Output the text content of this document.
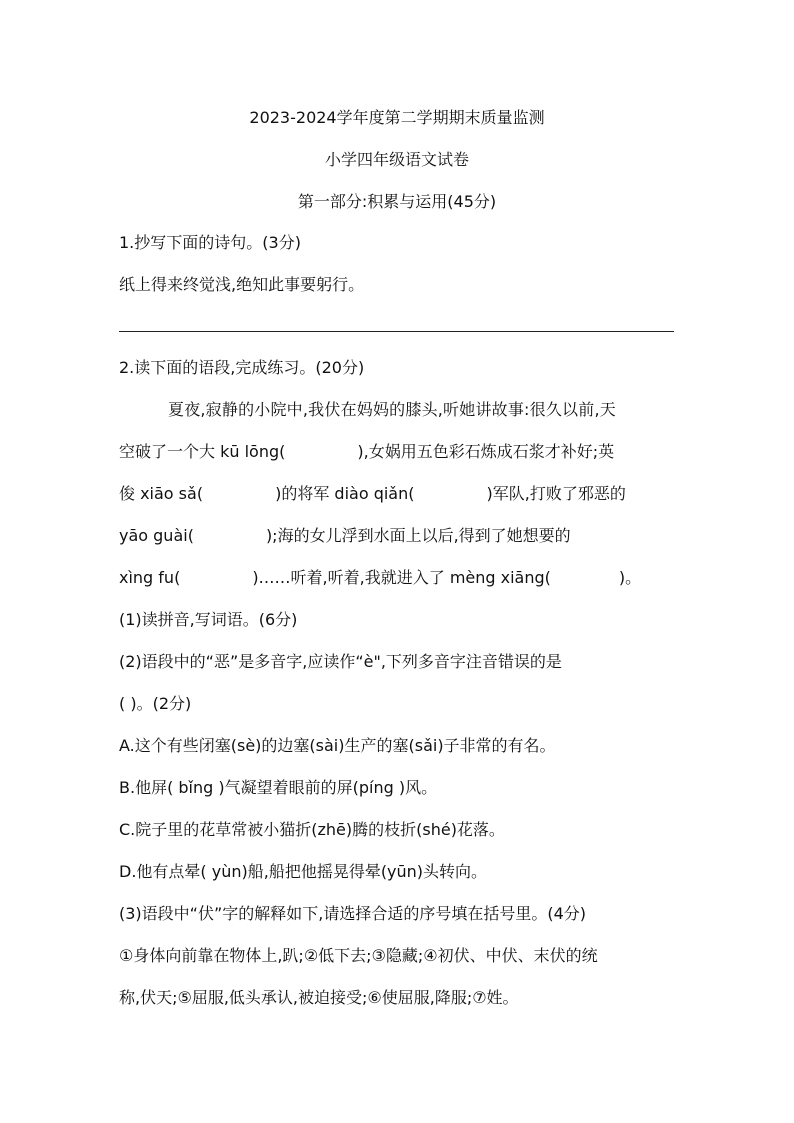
2023-2024学年度第二学期期末质量监测
小学四年级语文试卷
第一部分:积累与运用(45分)
1.抄写下面的诗句。(3分)
纸上得来终觉浅,绝知此事要躬行。
2.读下面的语段,完成练习。(20分)
夏夜,寂静的小院中,我伏在妈妈的膝头,听她讲故事:很久以前,天
空破了一个大 kū lōng(	),女娲用五色彩石炼成石浆才补好;英
俊 xiāo sǎ(	)的将军 diào qiǎn(	)军队,打败了邪恶的
yāo guài(	);海的女儿浮到水面上以后,得到了她想要的
xìng fu(	)……听着,听着,我就进入了 mèng xiāng(	)。
(1)读拼音,写词语。(6分)
(2)语段中的“恶”是多音字,应读作“è",下列多音字注音错误的是
( )。(2分)
A.这个有些闭塞(sè)的边塞(sài)生产的塞(sǎi)子非常的有名。
B.他屏( bǐng )气凝望着眼前的屏(píng )风。
C.院子里的花草常被小猫折(zhē)腾的枝折(shé)花落。
D.他有点晕( yùn)船,船把他摇晃得晕(yūn)头转向。
(3)语段中“伏”字的解释如下,请选择合适的序号填在括号里。(4分)
①身体向前靠在物体上,趴;②低下去;③隐藏;④初伏、中伏、末伏的统
称,伏天;⑤屈服,低头承认,被迫接受;⑥使屈服,降服;⑦姓。
